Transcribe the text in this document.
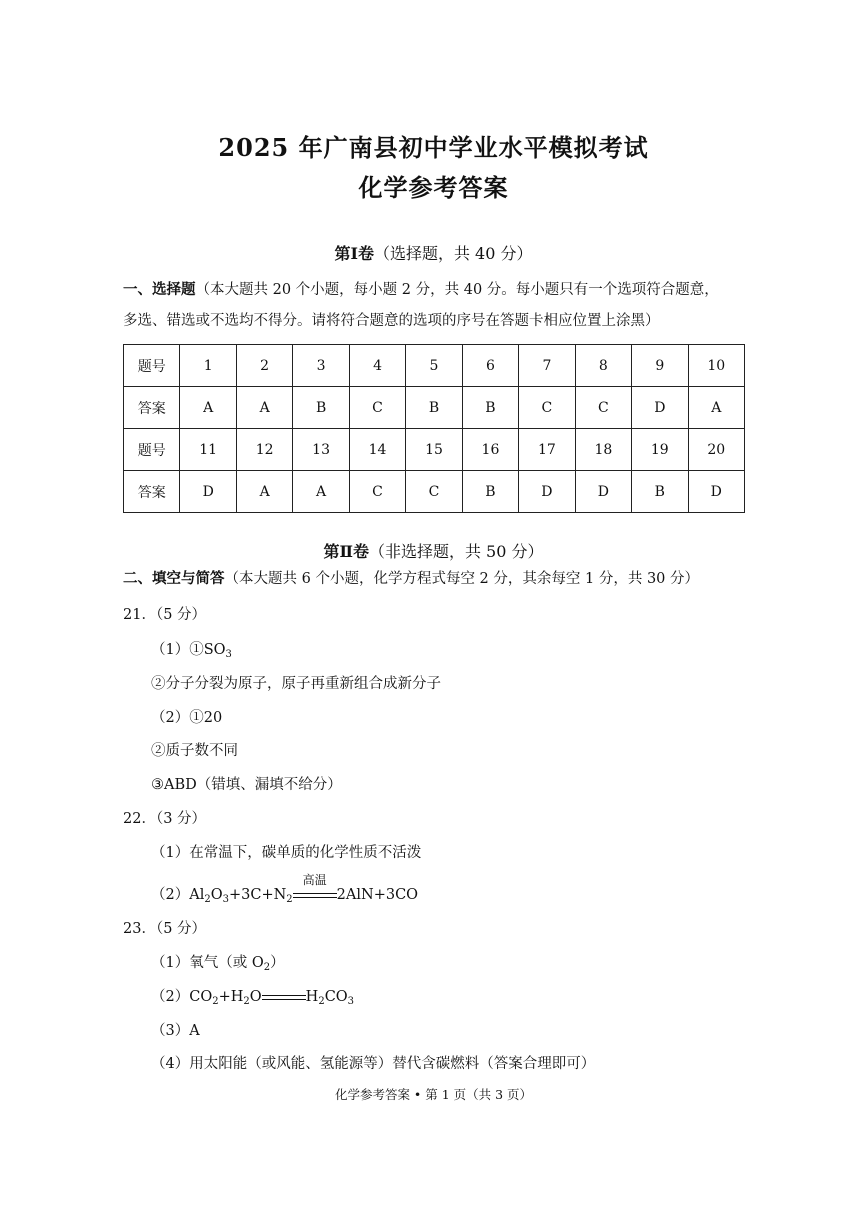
2025 年广南县初中学业水平模拟考试
化学参考答案
第Ⅰ卷（选择题，共 40 分）
一、选择题（本大题共 20 个小题，每小题 2 分，共 40 分。每小题只有一个选项符合题意，
多选、错选或不选均不得分。请将符合题意的选项的序号在答题卡相应位置上涂黑）
题号	1	2	3	4	5	6	7	8	9	10
答案	A	A	B	C	B	B	C	C	D	A
题号	11	12	13	14	15	16	17	18	19	20
答案	D	A	A	C	C	B	D	D	B	D
第Ⅱ卷（非选择题，共 50 分）
二、填空与简答（本大题共 6 个小题，化学方程式每空 2 分，其余每空 1 分，共 30 分）
21．（5 分）
$(1)①SO_3$
②分子分裂为原子，原子再重新组合成新分子
（2）①20
②质子数不同
③ABD（错填、漏填不给分）
22．（3 分）
（1）在常温下，碳单质的化学性质不活泼
$(2)Al_2O_3+3C+N_2$
高温
2AlN+3CO
23．（5 分）
（1）氧气（或 $O_2$）
$(2)CO_2+H_2O$	$H_2CO_3$
（3）A
（4）用太阳能（或风能、氢能源等）替代含碳燃料（答案合理即可）
化学参考答案 • 第 1 页（共 3 页）
